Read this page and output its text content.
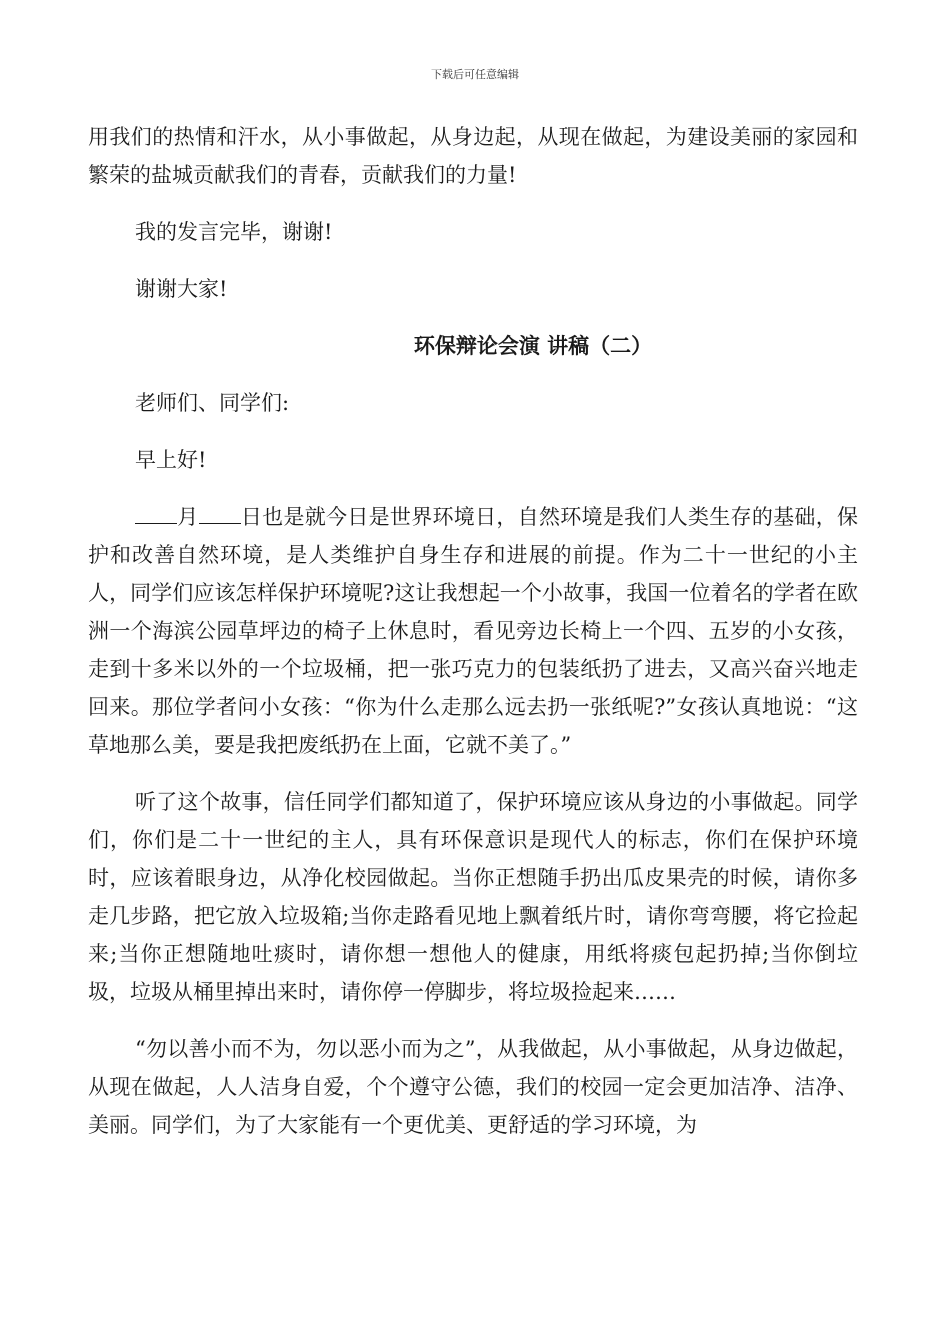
下载后可任意编辑

用我们的热情和汗水，从小事做起，从身边起，从现在做起，为建设美丽的家园和繁荣的盐城贡献我们的青春，贡献我们的力量!

我的发言完毕，谢谢!

谢谢大家!

环保辩论会演 讲稿（二）

老师们、同学们:

早上好!

月 日也是就今日是世界环境日，自然环境是我们人类生存的基础，保护和改善自然环境，是人类维护自身生存和进展的前提。作为二十一世纪的小主人，同学们应该怎样保护环境呢?这让我想起一个小故事，我国一位着名的学者在欧洲一个海滨公园草坪边的椅子上休息时，看见旁边长椅上一个四、五岁的小女孩，走到十多米以外的一个垃圾桶，把一张巧克力的包装纸扔了进去，又高兴奋兴地走回来。那位学者问小女孩：“你为什么走那么远去扔一张纸呢?”女孩认真地说：“这草地那么美，要是我把废纸扔在上面，它就不美了。”

听了这个故事，信任同学们都知道了，保护环境应该从身边的小事做起。同学们，你们是二十一世纪的主人，具有环保意识是现代人的标志，你们在保护环境时，应该着眼身边，从净化校园做起。当你正想随手扔出瓜皮果壳的时候，请你多走几步路，把它放入垃圾箱;当你走路看见地上飘着纸片时，请你弯弯腰，将它捡起来;当你正想随地吐痰时，请你想一想他人的健康，用纸将痰包起扔掉;当你倒垃圾，垃圾从桶里掉出来时，请你停一停脚步，将垃圾捡起来……

“勿以善小而不为，勿以恶小而为之”，从我做起，从小事做起，从身边做起，从现在做起，人人洁身自爱，个个遵守公德，我们的校园一定会更加洁净、洁净、美丽。同学们，为了大家能有一个更优美、更舒适的学习环境，为
